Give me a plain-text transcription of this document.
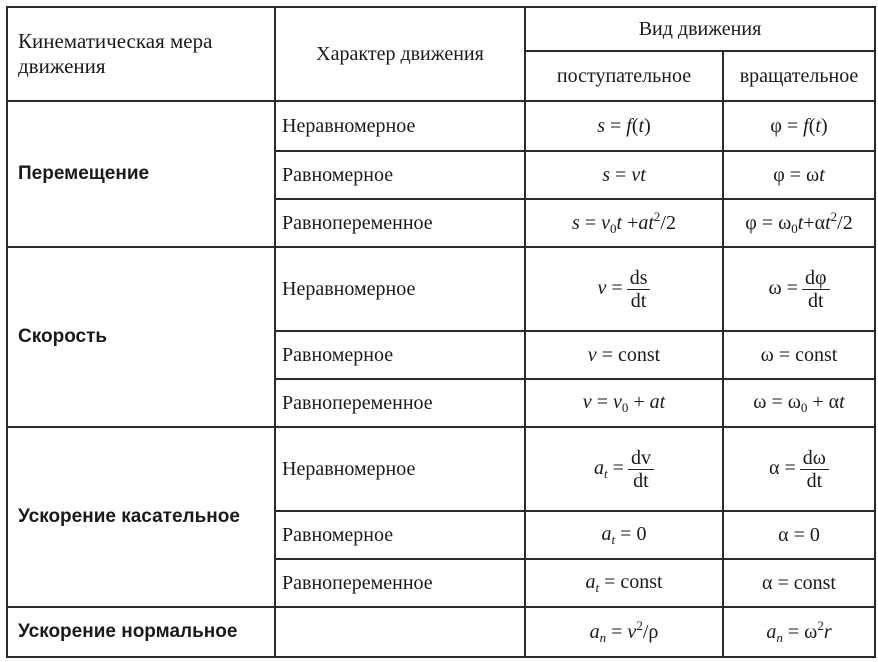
Кинематическая мера движения	Характер движения	Вид движения	
		поступательное	вращательное
Перемещение	Неравномерное	s = f(t)	φ = f(t)
	Равномерное	s = vt	φ = ωt
	Равнопеременное	$s = v_0t +at^2/2$	$\varphi = \omega_0t+\alpha t^2/2$
Скорость	Неравномерное	$v = \frac{ds}{dt}$	$\omega = \frac{d\varphi}{dt}$

	Равномерное	v = const	ω = const
	Равнопеременное	$v = v_0$ + at	$\omega = \omega_0 + \alpha t$
Ускорение касательное	Неравномерное	$a_t = \frac{dv}{dt}$	$\alpha = \frac{d\omega}{dt}$

	Равномерное	$a_t = 0$	α = 0
	Равнопеременное	$a_t$ = const	α = const
Ускорение нормальное		$a_n = v^2/\rho$	$a_n = \omega^2r$
